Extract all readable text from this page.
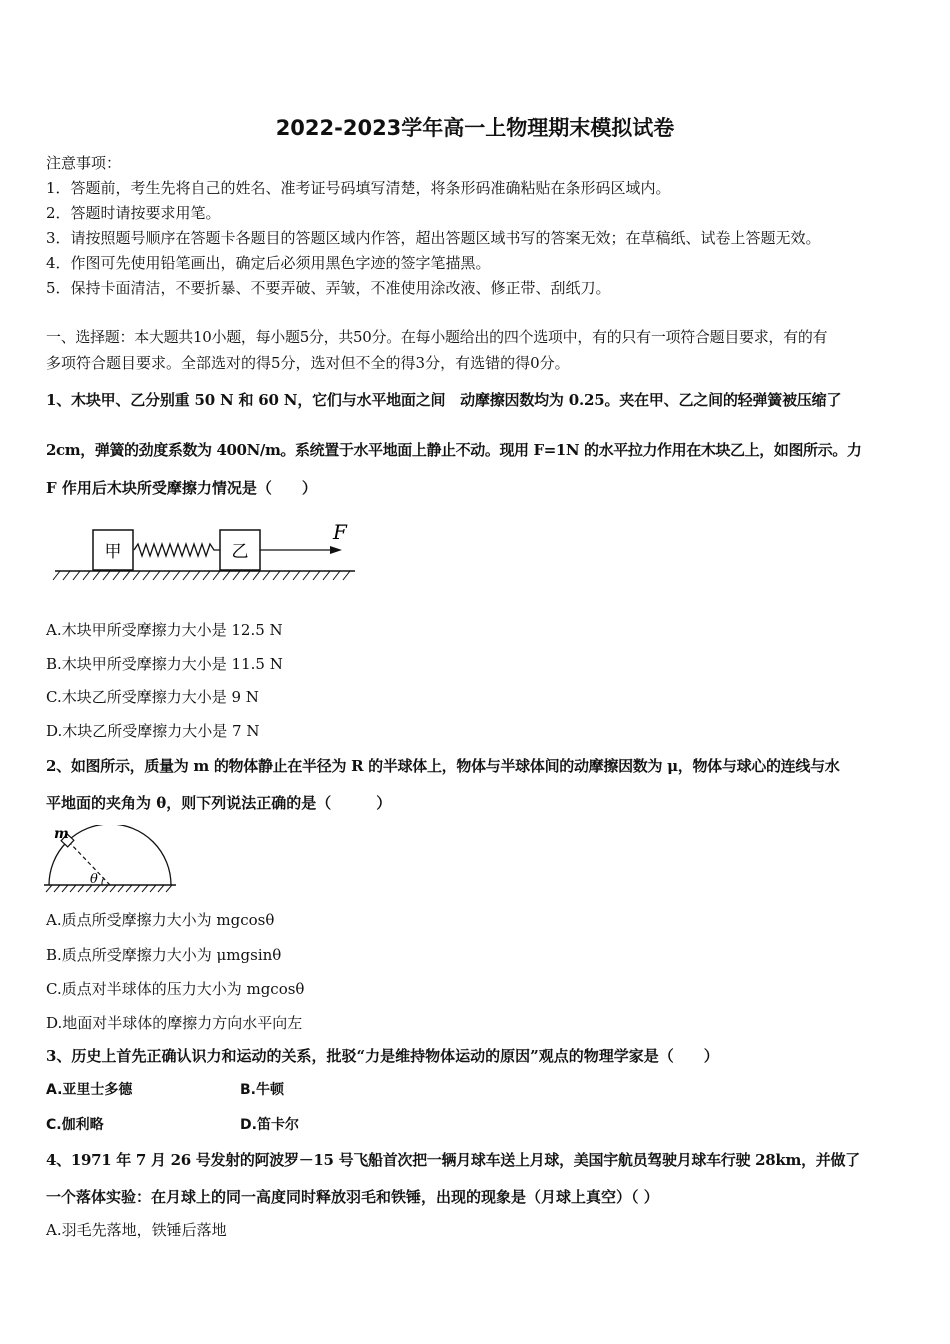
2022-2023学年高一上物理期末模拟试卷
注意事项：
1．答题前，考生先将自己的姓名、准考证号码填写清楚，将条形码准确粘贴在条形码区域内。
2．答题时请按要求用笔。
3．请按照题号顺序在答题卡各题目的答题区域内作答，超出答题区域书写的答案无效；在草稿纸、试卷上答题无效。
4．作图可先使用铅笔画出，确定后必须用黑色字迹的签字笔描黑。
5．保持卡面清洁，不要折暴、不要弄破、弄皱，不准使用涂改液、修正带、刮纸刀。
一、选择题：本大题共10小题，每小题5分，共50分。在每小题给出的四个选项中，有的只有一项符合题目要求，有的有
多项符合题目要求。全部选对的得5分，选对但不全的得3分，有选错的得0分。
1、木块甲、乙分别重 50 N 和 60 N，它们与水平地面之间　动摩擦因数均为 0.25。夹在甲、乙之间的轻弹簧被压缩了
2cm，弹簧的劲度系数为 400N/m。系统置于水平地面上静止不动。现用 F=1N 的水平拉力作用在木块乙上，如图所示。力
F 作用后木块所受摩擦力情况是（　　）
甲	乙
F
A.木块甲所受摩擦力大小是 12.5 N
B.木块甲所受摩擦力大小是 11.5 N
C.木块乙所受摩擦力大小是 9 N
D.木块乙所受摩擦力大小是 7 N
2、如图所示，质量为 m 的物体静止在半径为 R 的半球体上，物体与半球体间的动摩擦因数为 μ，物体与球心的连线与水
平地面的夹角为 θ，则下列说法正确的是（　　　）
m
θ
A.质点所受摩擦力大小为 mgcosθ
B.质点所受摩擦力大小为 μmgsinθ
C.质点对半球体的压力大小为 mgcosθ
D.地面对半球体的摩擦力方向水平向左
3、历史上首先正确认识力和运动的关系，批驳“力是维持物体运动的原因”观点的物理学家是（　　）
A.亚里士多德	B.牛顿
C.伽利略	D.笛卡尔
4、1971 年 7 月 26 号发射的阿波罗－15 号飞船首次把一辆月球车送上月球，美国宇航员驾驶月球车行驶 28km，并做了
一个落体实验：在月球上的同一高度同时释放羽毛和铁锤，出现的现象是（月球上真空）（ ）
A.羽毛先落地，铁锤后落地
